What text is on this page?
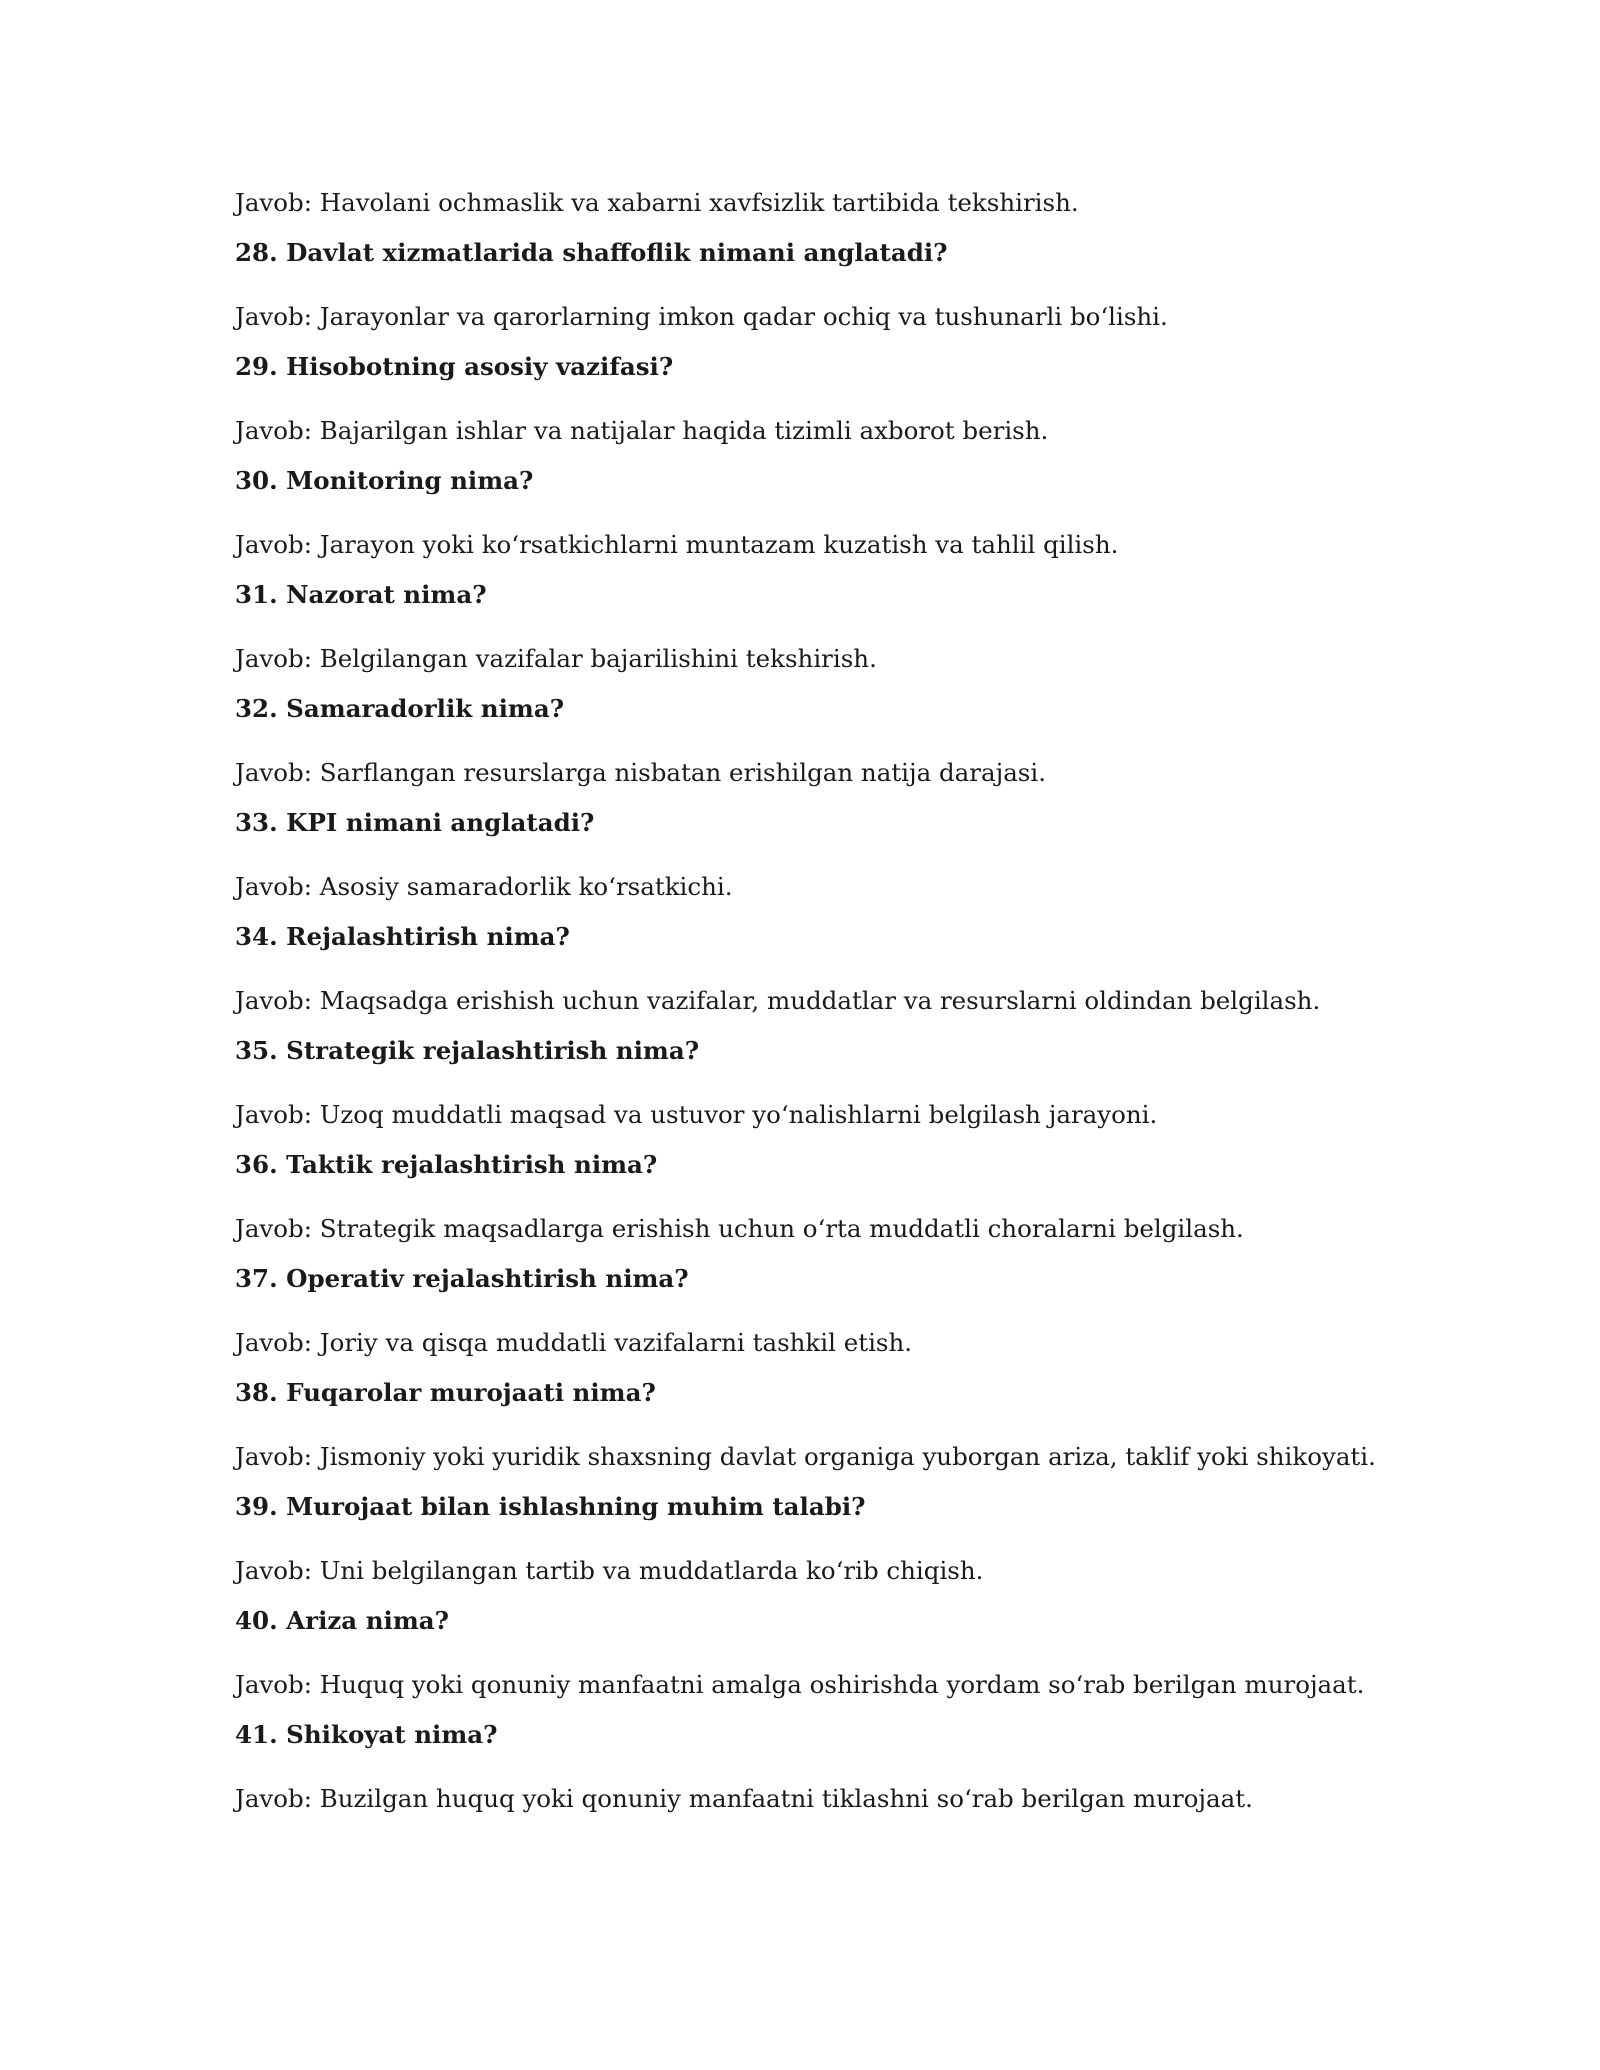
Javob: Havolani ochmaslik va xabarni xavfsizlik tartibida tekshirish.
28. Davlat xizmatlarida shaffoflik nimani anglatadi?
Javob: Jarayonlar va qarorlarning imkon qadar ochiq va tushunarli boʻlishi.
29. Hisobotning asosiy vazifasi?
Javob: Bajarilgan ishlar va natijalar haqida tizimli axborot berish.
30. Monitoring nima?
Javob: Jarayon yoki koʻrsatkichlarni muntazam kuzatish va tahlil qilish.
31. Nazorat nima?
Javob: Belgilangan vazifalar bajarilishini tekshirish.
32. Samaradorlik nima?
Javob: Sarflangan resurslarga nisbatan erishilgan natija darajasi.
33. KPI nimani anglatadi?
Javob: Asosiy samaradorlik koʻrsatkichi.
34. Rejalashtirish nima?
Javob: Maqsadga erishish uchun vazifalar, muddatlar va resurslarni oldindan belgilash.
35. Strategik rejalashtirish nima?
Javob: Uzoq muddatli maqsad va ustuvor yoʻnalishlarni belgilash jarayoni.
36. Taktik rejalashtirish nima?
Javob: Strategik maqsadlarga erishish uchun oʻrta muddatli choralarni belgilash.
37. Operativ rejalashtirish nima?
Javob: Joriy va qisqa muddatli vazifalarni tashkil etish.
38. Fuqarolar murojaati nima?
Javob: Jismoniy yoki yuridik shaxsning davlat organiga yuborgan ariza, taklif yoki shikoyati.
39. Murojaat bilan ishlashning muhim talabi?
Javob: Uni belgilangan tartib va muddatlarda koʻrib chiqish.
40. Ariza nima?
Javob: Huquq yoki qonuniy manfaatni amalga oshirishda yordam soʻrab berilgan murojaat.
41. Shikoyat nima?
Javob: Buzilgan huquq yoki qonuniy manfaatni tiklashni soʻrab berilgan murojaat.
